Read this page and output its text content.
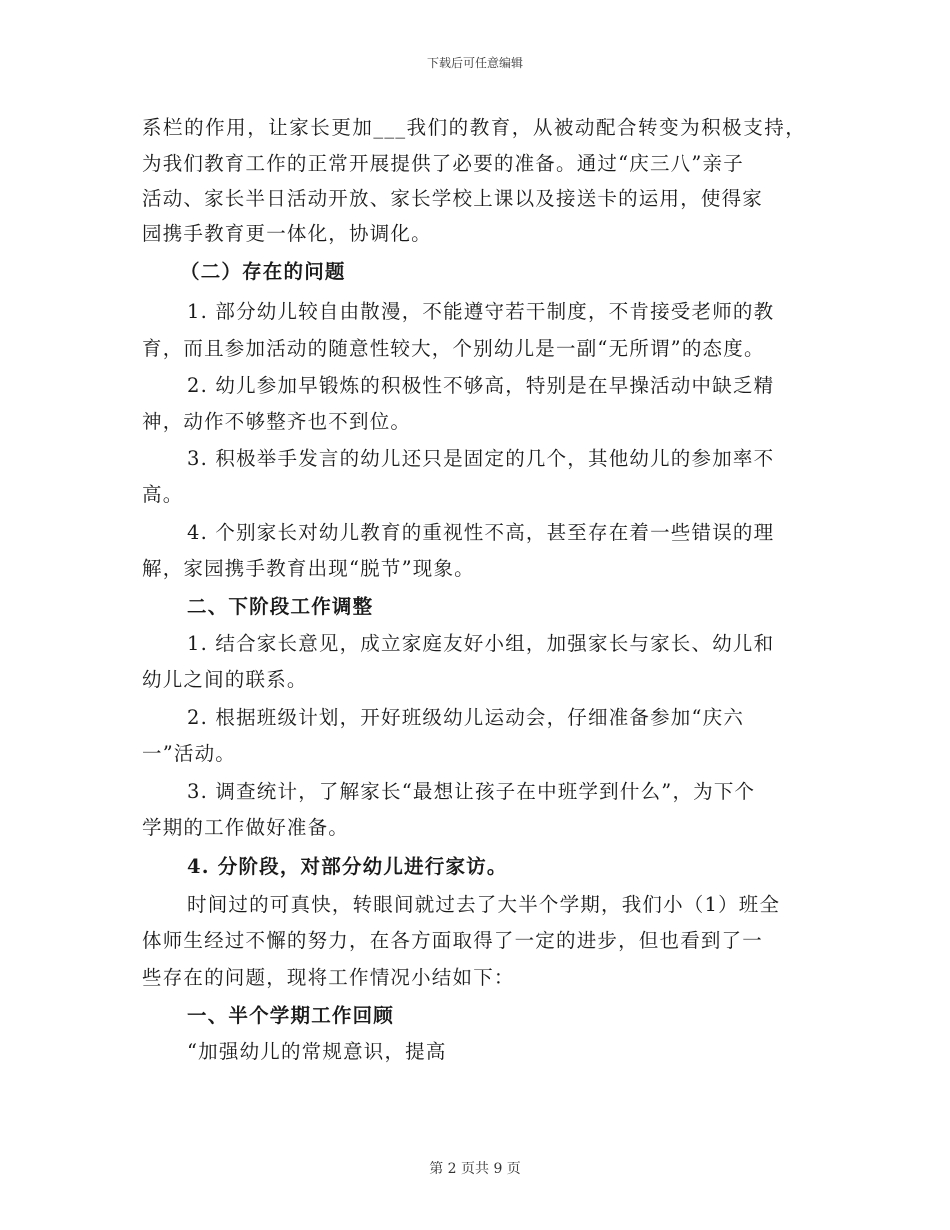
下载后可任意编辑
系栏的作用，让家长更加___我们的教育，从被动配合转变为积极支持，
为我们教育工作的正常开展提供了必要的准备。通过“庆三八”亲子
活动、家长半日活动开放、家长学校上课以及接送卡的运用，使得家
园携手教育更一体化，协调化。
（二）存在的问题
1. 部分幼儿较自由散漫，不能遵守若干制度，不肯接受老师的教
育，而且参加活动的随意性较大，个别幼儿是一副“无所谓”的态度。
2. 幼儿参加早锻炼的积极性不够高，特别是在早操活动中缺乏精
神，动作不够整齐也不到位。
3. 积极举手发言的幼儿还只是固定的几个，其他幼儿的参加率不
高。
4. 个别家长对幼儿教育的重视性不高，甚至存在着一些错误的理
解，家园携手教育出现“脱节”现象。
二、下阶段工作调整
1. 结合家长意见，成立家庭友好小组，加强家长与家长、幼儿和
幼儿之间的联系。
2. 根据班级计划，开好班级幼儿运动会，仔细准备参加“庆六
一”活动。
3. 调查统计，了解家长“最想让孩子在中班学到什么”，为下个
学期的工作做好准备。
4. 分阶段，对部分幼儿进行家访。
时间过的可真快，转眼间就过去了大半个学期，我们小（1）班全
体师生经过不懈的努力，在各方面取得了一定的进步，但也看到了一
些存在的问题，现将工作情况小结如下：
一、半个学期工作回顾
“加强幼儿的常规意识，提高
第 2 页共 9 页
